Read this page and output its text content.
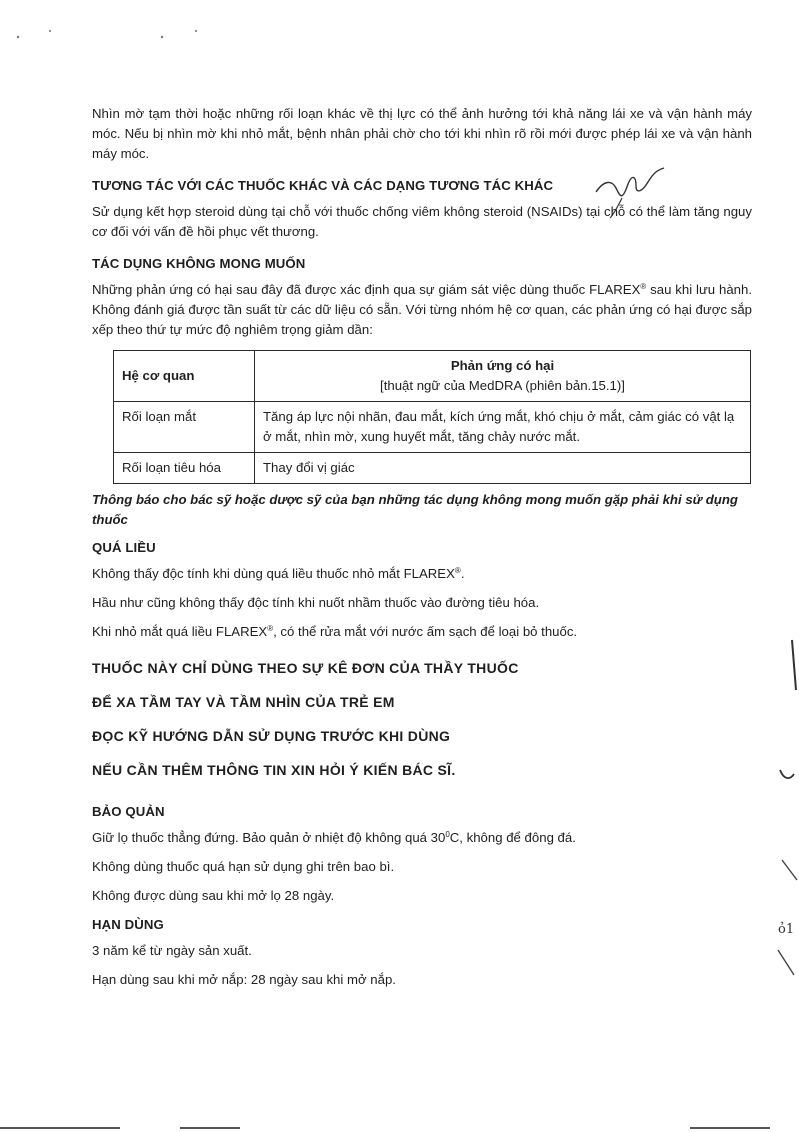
ỏ1

Nhìn mờ tạm thời hoặc những rối loạn khác về thị lực có thể ảnh hưởng tới khả năng lái xe và vận hành máy móc. Nếu bị nhìn mờ khi nhỏ mắt, bệnh nhân phải chờ cho tới khi nhìn rõ rồi mới được phép lái xe và vận hành máy móc.

TƯƠNG TÁC VỚI CÁC THUỐC KHÁC VÀ CÁC DẠNG TƯƠNG TÁC KHÁC

Sử dụng kết hợp steroid dùng tại chỗ với thuốc chống viêm không steroid (NSAIDs) tại chỗ có thể làm tăng nguy cơ đối với vấn đề hồi phục vết thương.

TÁC DỤNG KHÔNG MONG MUỐN

Những phản ứng có hại sau đây đã được xác định qua sự giám sát việc dùng thuốc FLAREX® sau khi lưu hành. Không đánh giá được tần suất từ các dữ liệu có sẵn. Với từng nhóm hệ cơ quan, các phản ứng có hại được sắp xếp theo thứ tự mức độ nghiêm trọng giảm dần:

Hệ cơ quan	Phản ứng có hại
[thuật ngữ của MedDRA (phiên bản.15.1)]
Rối loạn mắt	Tăng áp lực nội nhãn, đau mắt, kích ứng mắt, khó chịu ở mắt, cảm giác có vật lạ ở mắt, nhìn mờ, xung huyết mắt, tăng chảy nước mắt.
Rối loạn tiêu hóa	Thay đổi vị giác

Thông báo cho bác sỹ hoặc dược sỹ của bạn những tác dụng không mong muốn gặp phải khi sử dụng thuốc

QUÁ LIỀU

Không thấy độc tính khi dùng quá liều thuốc nhỏ mắt FLAREX®.

Hầu như cũng không thấy độc tính khi nuốt nhầm thuốc vào đường tiêu hóa.

Khi nhỏ mắt quá liều FLAREX®, có thể rửa mắt với nước ấm sạch để loại bỏ thuốc.

THUỐC NÀY CHỈ DÙNG THEO SỰ KÊ ĐƠN CỦA THẦY THUỐC

ĐỂ XA TẦM TAY VÀ TẦM NHÌN CỦA TRẺ EM

ĐỌC KỸ HƯỚNG DẪN SỬ DỤNG TRƯỚC KHI DÙNG

NẾU CẦN THÊM THÔNG TIN XIN HỎI Ý KIẾN BÁC SĨ.

BẢO QUẢN

Giữ lọ thuốc thẳng đứng. Bảo quản ở nhiệt độ không quá $30^0C$, không để đông đá.

Không dùng thuốc quá hạn sử dụng ghi trên bao bì.

Không được dùng sau khi mở lọ 28 ngày.

HẠN DÙNG

3 năm kể từ ngày sản xuất.

Hạn dùng sau khi mở nắp: 28 ngày sau khi mở nắp.
